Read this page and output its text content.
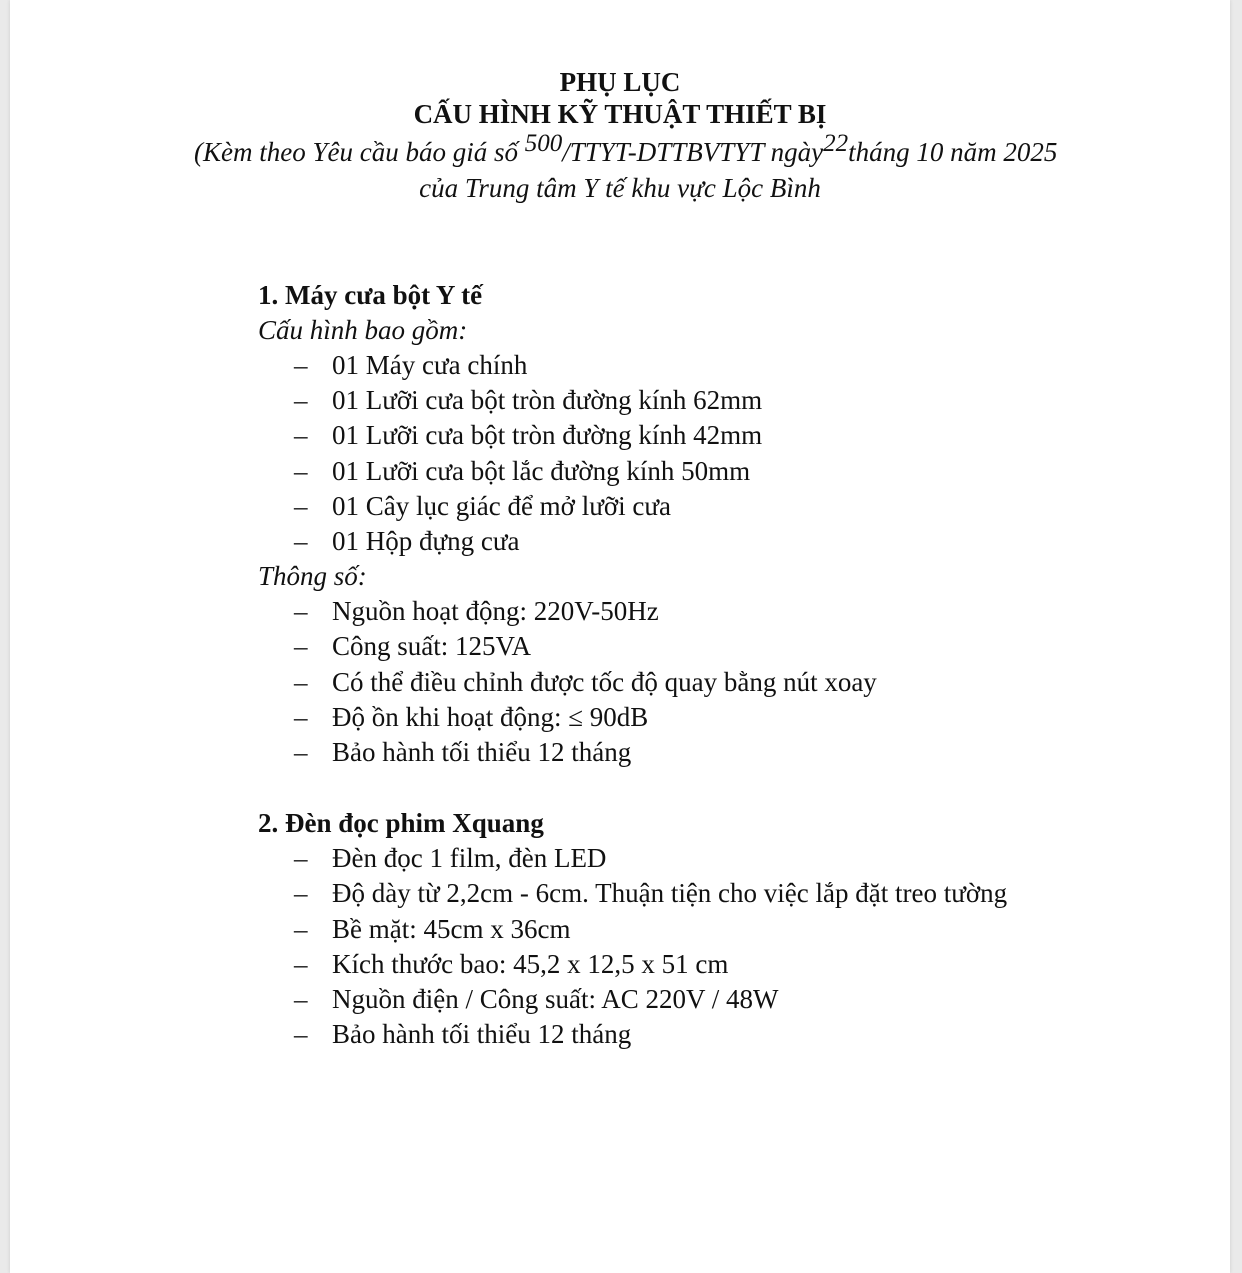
PHỤ LỤC

CẤU HÌNH KỸ THUẬT THIẾT BỊ

(Kèm theo Yêu cầu báo giá số 500/TTYT-DTTBVTYT ngày22tháng 10 năm 2025
của Trung tâm Y tế khu vực Lộc Bình

1. Máy cưa bột Y tế

Cấu hình bao gồm:

– 01 Máy cưa chính
– 01 Lưỡi cưa bột tròn đường kính 62mm
– 01 Lưỡi cưa bột tròn đường kính 42mm
– 01 Lưỡi cưa bột lắc đường kính 50mm
– 01 Cây lục giác để mở lưỡi cưa
– 01 Hộp đựng cưa

Thông số:

– Nguồn hoạt động: 220V-50Hz
– Công suất: 125VA
– Có thể điều chỉnh được tốc độ quay bằng nút xoay
– Độ ồn khi hoạt động: ≤ 90dB
– Bảo hành tối thiểu 12 tháng

2. Đèn đọc phim Xquang

– Đèn đọc 1 film, đèn LED
– Độ dày từ 2,2cm - 6cm. Thuận tiện cho việc lắp đặt treo tường
– Bề mặt: 45cm x 36cm
– Kích thước bao: 45,2 x 12,5 x 51 cm
– Nguồn điện / Công suất: AC 220V / 48W
– Bảo hành tối thiểu 12 tháng
